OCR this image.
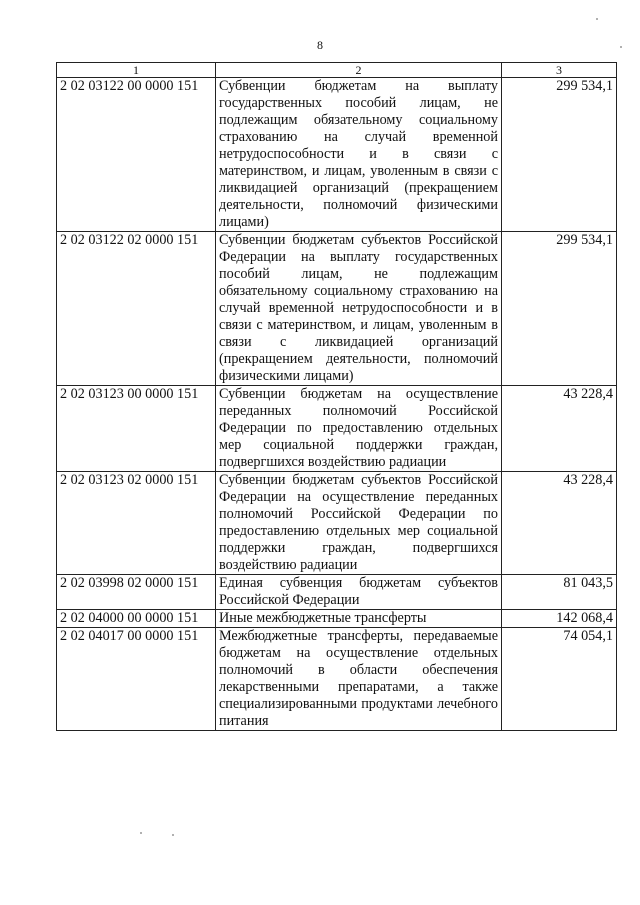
8
1	2	3
2 02 03122 00 0000 151	Субвенции бюджетам на выплату государственных пособий лицам, не подлежащим обязательному социальному страхованию на случай временной нетрудоспособности и в связи с материнством, и лицам, уволенным в связи с ликвидацией организаций (прекращением деятельности, полномочий физическими лицами)	299 534,1
2 02 03122 02 0000 151	Субвенции бюджетам субъектов Российской Федерации на выплату государственных пособий лицам, не подлежащим обязательному социальному страхованию на случай временной нетрудоспособности и в связи с материнством, и лицам, уволенным в связи с ликвидацией организаций (прекращением деятельности, полномочий физическими лицами)	299 534,1
2 02 03123 00 0000 151	Субвенции бюджетам на осуществление переданных полномочий Российской Федерации по предоставлению отдельных мер социальной поддержки граждан, подвергшихся воздействию радиации	43 228,4
2 02 03123 02 0000 151	Субвенции бюджетам субъектов Российской Федерации на осуществление переданных полномочий Российской Федерации по предоставлению отдельных мер социальной поддержки граждан, подвергшихся воздействию радиации	43 228,4
2 02 03998 02 0000 151	Единая субвенция бюджетам субъектов Российской Федерации	81 043,5
2 02 04000 00 0000 151	Иные межбюджетные трансферты	142 068,4
2 02 04017 00 0000 151	Межбюджетные трансферты, передаваемые бюджетам на осуществление отдельных полномочий в области обеспечения лекарственными препаратами, а также специализированными продуктами лечебного питания	74 054,1
